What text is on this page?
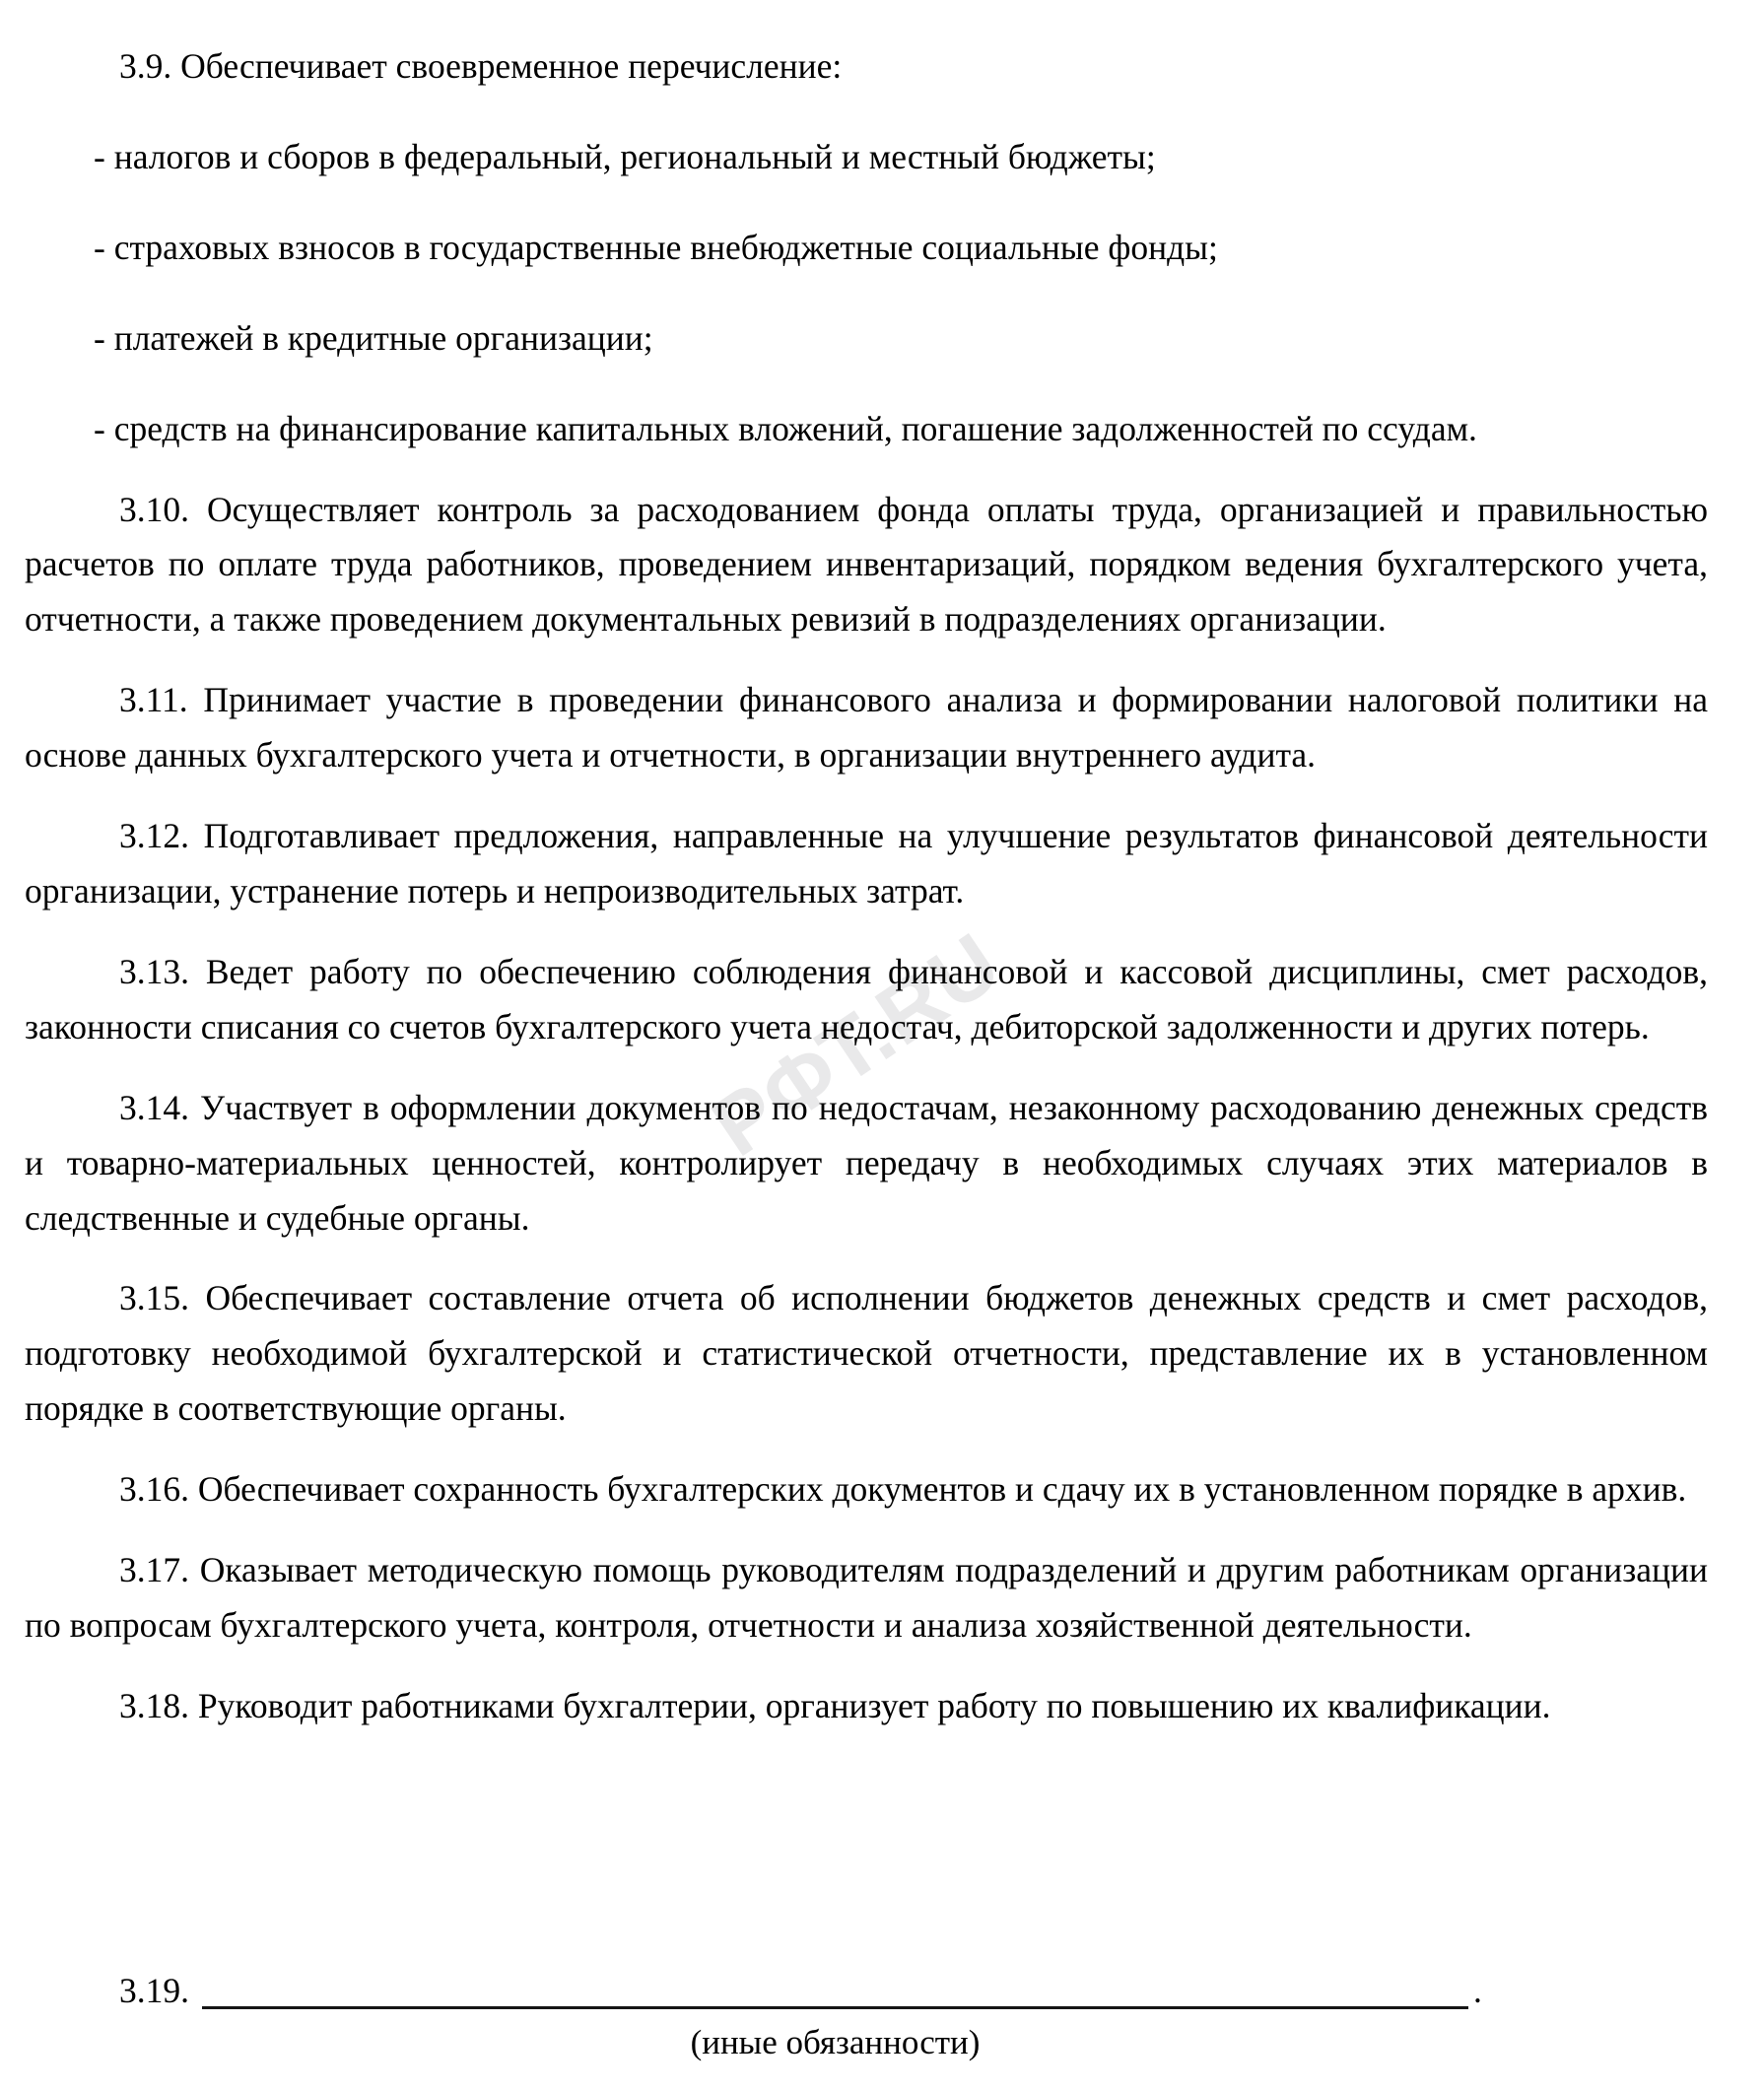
РФТ.RU

3.9. Обеспечивает своевременное перечисление:

- налогов и сборов в федеральный, региональный и местный бюджеты;

- страховых взносов в государственные внебюджетные социальные фонды;

- платежей в кредитные организации;

- средств на финансирование капитальных вложений, погашение задолженностей по ссудам.

3.10. Осуществляет контроль за расходованием фонда оплаты труда, организацией и правильностью расчетов по оплате труда работников, проведением инвентаризаций, порядком ведения бухгалтерского учета, отчетности, а также проведением документальных ревизий в подразделениях организации.

3.11. Принимает участие в проведении финансового анализа и формировании налоговой политики на основе данных бухгалтерского учета и отчетности, в организации внутреннего аудита.

3.12. Подготавливает предложения, направленные на улучшение результатов финансовой деятельности организации, устранение потерь и непроизводительных затрат.

3.13. Ведет работу по обеспечению соблюдения финансовой и кассовой дисциплины, смет расходов, законности списания со счетов бухгалтерского учета недостач, дебиторской задолженности и других потерь.

3.14. Участвует в оформлении документов по недостачам, незаконному расходованию денежных средств и товарно-материальных ценностей, контролирует передачу в необходимых случаях этих материалов в следственные и судебные органы.

3.15. Обеспечивает составление отчета об исполнении бюджетов денежных средств и смет расходов, подготовку необходимой бухгалтерской и статистической отчетности, представление их в установленном порядке в соответствующие органы.

3.16. Обеспечивает сохранность бухгалтерских документов и сдачу их в установленном порядке в архив.

3.17. Оказывает методическую помощь руководителям подразделений и другим работникам организации по вопросам бухгалтерского учета, контроля, отчетности и анализа хозяйственной деятельности.

3.18. Руководит работниками бухгалтерии, организует работу по повышению их квалификации.

3.19.	.
(иные обязанности)
